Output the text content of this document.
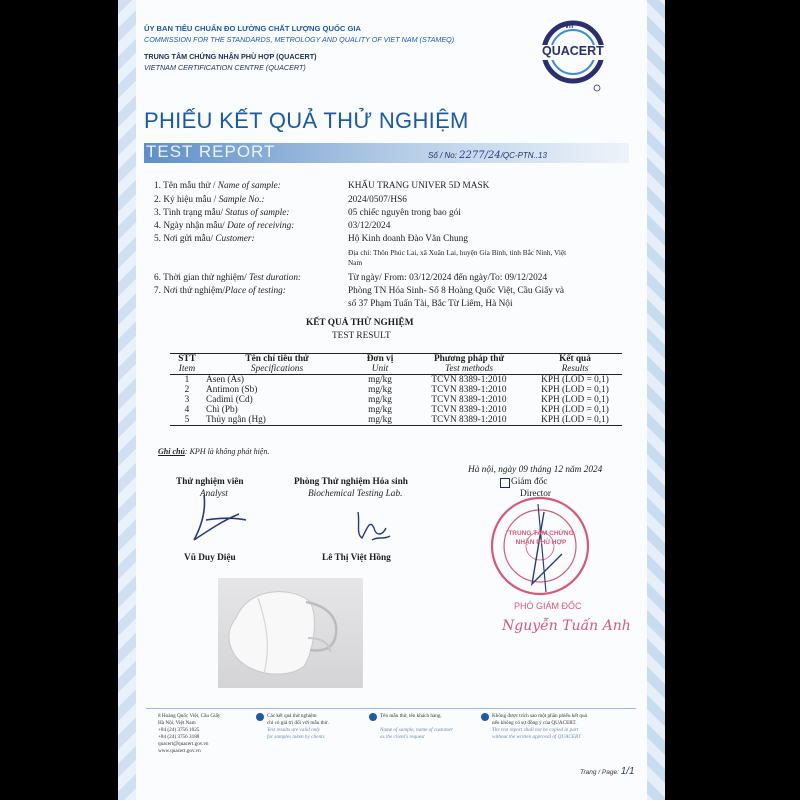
ỦY BAN TIÊU CHUẨN ĐO LƯỜNG CHẤT LƯỢNG QUỐC GIA
COMMISSION FOR THE STANDARDS, METROLOGY AND QUALITY OF VIET NAM (STAMEQ)
TRUNG TÂM CHỨNG NHẬN PHÙ HỢP (QUACERT)
VIETNAM CERTIFICATION CENTRE (QUACERT)
QUACERT
vn
PHIẾU KẾT QUẢ THỬ NGHIỆM
TEST REPORT	Số / No: 2277/24/QC-PTN..13
1. Tên mẫu thử / Name of sample:	KHẨU TRANG UNIVER 5D MASK
2. Ký hiệu mẫu / Sample No.:	2024/0507/HS6
3. Tình trạng mẫu/ Status of sample:	05 chiếc nguyên trong bao gói
4. Ngày nhận mẫu/ Date of receiving:	03/12/2024
5. Nơi gửi mẫu/ Customer:	Hộ Kinh doanh Đào Văn Chung
Địa chỉ: Thôn Phúc Lai, xã Xuân Lai, huyện Gia Bình, tỉnh Bắc Ninh, Việt
Nam
6. Thời gian thử nghiệm/ Test duration:	Từ ngày/ From: 03/12/2024 đến ngày/To: 09/12/2024
7. Nơi thử nghiệm/Place of testing:	Phòng TN Hóa Sinh- Số 8 Hoàng Quốc Việt, Cầu Giấy và
số 37 Phạm Tuấn Tài, Bắc Từ Liêm, Hà Nội
KẾT QUẢ THỬ NGHIỆM
TEST RESULT
STT	Tên chỉ tiêu thử	Đơn vị	Phương pháp thử	Kết quả
Item	Specifications	Unit	Test methods	Results
1	Asen (As)	mg/kg	TCVN 8389-1:2010	KPH (LOD = 0,1)
2	Antimon (Sb)	mg/kg	TCVN 8389-1:2010	KPH (LOD = 0,1)
3	Cadimi (Cd)	mg/kg	TCVN 8389-1:2010	KPH (LOD = 0,1)
4	Chì (Pb)	mg/kg	TCVN 8389-1:2010	KPH (LOD = 0,1)
5	Thủy ngân (Hg)	mg/kg	TCVN 8389-1:2010	KPH (LOD = 0,1)
Ghi chú: KPH là không phát hiện.
Hà nội, ngày 09 tháng 12 năm 2024
Thử nghiệm viên
Analyst
Phòng Thử nghiệm Hóa sinh
Biochemical Testing Lab.
Giám đốc
Director
TRUNG TÂM CHỨNG NHẬN PHÙ HỢP
Vũ Duy Diệu	Lê Thị Việt Hồng
PHÓ GIÁM ĐỐC
Nguyễn Tuấn Anh
8 Hoàng Quốc Việt, Cầu Giấy
Hà Nội, Việt Nam
+84 (24) 3756 1025
+84 (24) 3756 3188
quacert@quacert.gov.vn
www.quacert.gov.vn
Các kết quả thử nghiệm
chỉ có giá trị đối với mẫu thử.
Test results are valid only
for samples taken by clients
Tên mẫu thử, tên khách hàng.
Name of sample, name of customer
as the client's request
Không được trích sao một phần phiếu kết quả
nếu không có sự đồng ý của QUACERT.
The test report shall not be copied in part
without the written approval of QUACERT
Trang / Page: 1/1
